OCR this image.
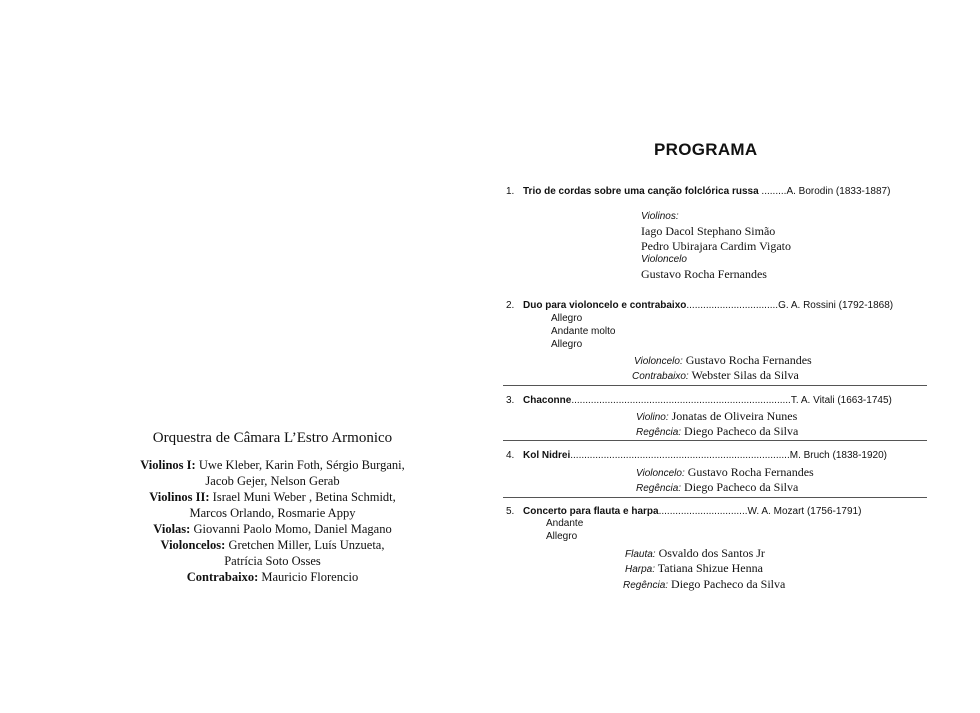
Orquestra de Câmara L’Estro Armonico
Violinos I: Uwe Kleber, Karin Foth, Sérgio Burgani,
Jacob Gejer, Nelson Gerab
Violinos II: Israel Muni Weber , Betina Schmidt,
Marcos Orlando, Rosmarie Appy
Violas: Giovanni Paolo Momo, Daniel Magano
Violoncelos: Gretchen Miller, Luís Unzueta,
Patrícia Soto Osses
Contrabaixo: Mauricio Florencio
PROGRAMA
1. Trio de cordas sobre uma canção folclórica russa .........A. Borodin (1833-1887)
Violinos:
Iago Dacol Stephano Simão
Pedro Ubirajara Cardim Vigato
Violoncelo
Gustavo Rocha Fernandes
2. Duo para violoncelo e contrabaixo.................................G. A. Rossini (1792-1868)
Allegro
Andante molto
Allegro
Violoncelo: Gustavo Rocha Fernandes
Contrabaixo: Webster Silas da Silva
3. Chaconne...............................................................................T. A. Vitali (1663-1745)
Violino: Jonatas de Oliveira Nunes
Regência: Diego Pacheco da Silva
4. Kol Nidrei...............................................................................M. Bruch (1838-1920)
Violoncelo: Gustavo Rocha Fernandes
Regência: Diego Pacheco da Silva
5. Concerto para flauta e harpa................................W. A. Mozart (1756-1791)
Andante
Allegro
Flauta: Osvaldo dos Santos Jr
Harpa: Tatiana Shizue Henna
Regência: Diego Pacheco da Silva
